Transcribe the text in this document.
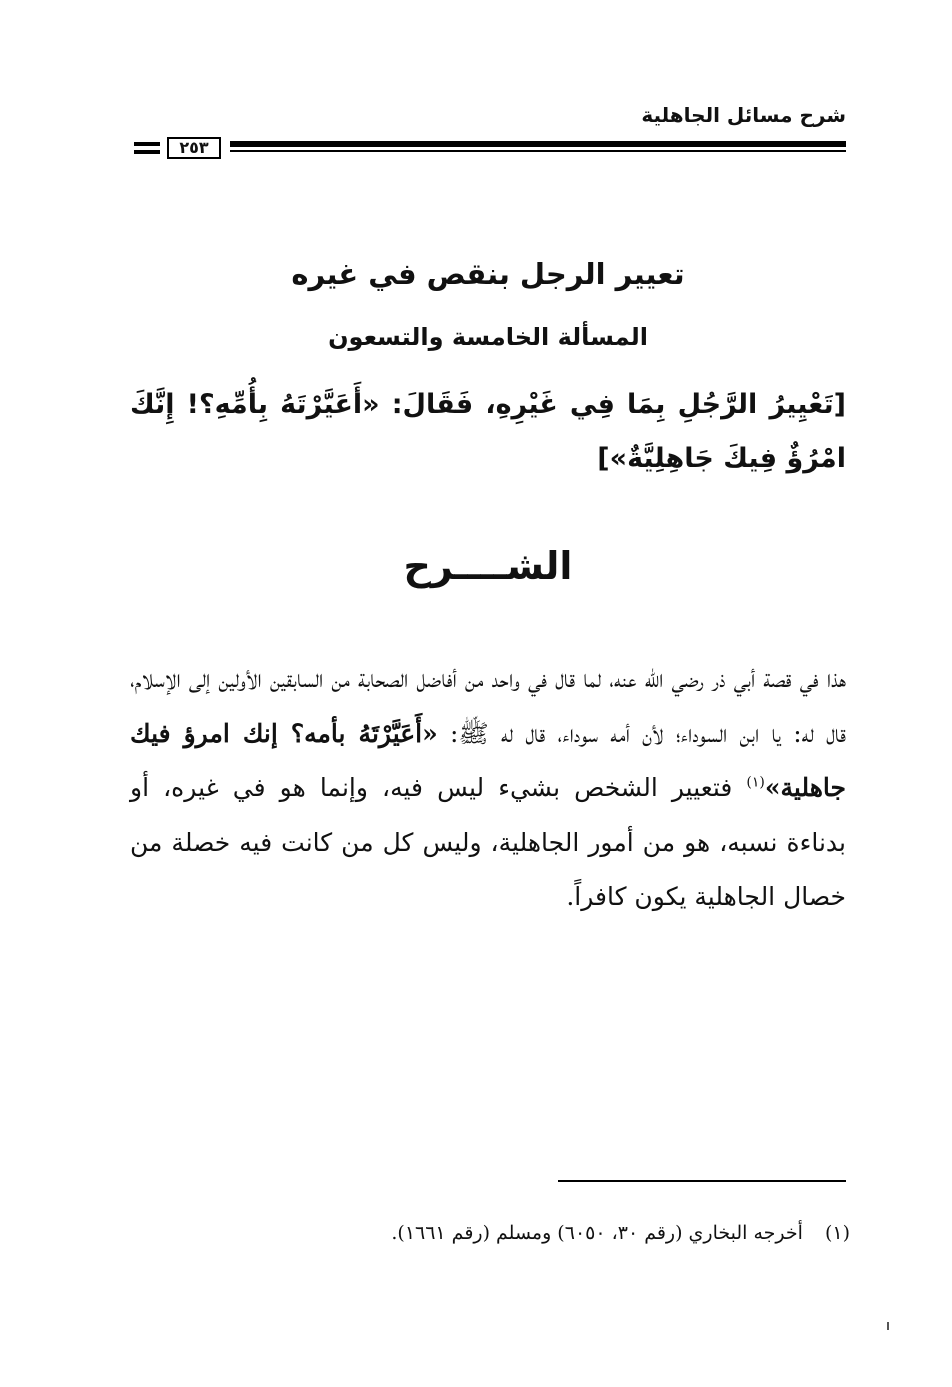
شرح مسائل الجاهلية
٢٥٣
تعيير الرجل بنقص في غيره
المسألة الخامسة والتسعون
[تَعْيِيرُ الرَّجُلِ بِمَا فِي غَيْرِهِ، فَقَالَ: «أَعَيَّرْتَهُ بِأُمِّهِ؟! إِنَّكَ امْرُؤٌ فِيكَ جَاهِلِيَّةٌ»]
الشــــرح
هذا في قصة أبي ذر رضي الله عنه، لما قال في واحد من أفاضل الصحابة من السابقين الأولين إلى الإسلام، قال له: يا ابن السوداء؛ لأن أمه سوداء، قال له ﷺ: «أَعَيَّرْتَهُ بأمه؟ إنك امرؤ فيك جاهلية»$^{(١)}$ فتعيير الشخص بشيء ليس فيه، وإنما هو في غيره، أو بدناءة نسبه، هو من أمور الجاهلية، وليس كل من كانت فيه خصلة من خصال الجاهلية يكون كافراً.
(١)أخرجه البخاري (رقم ٣٠، ٦٠٥٠) ومسلم (رقم ١٦٦١).
